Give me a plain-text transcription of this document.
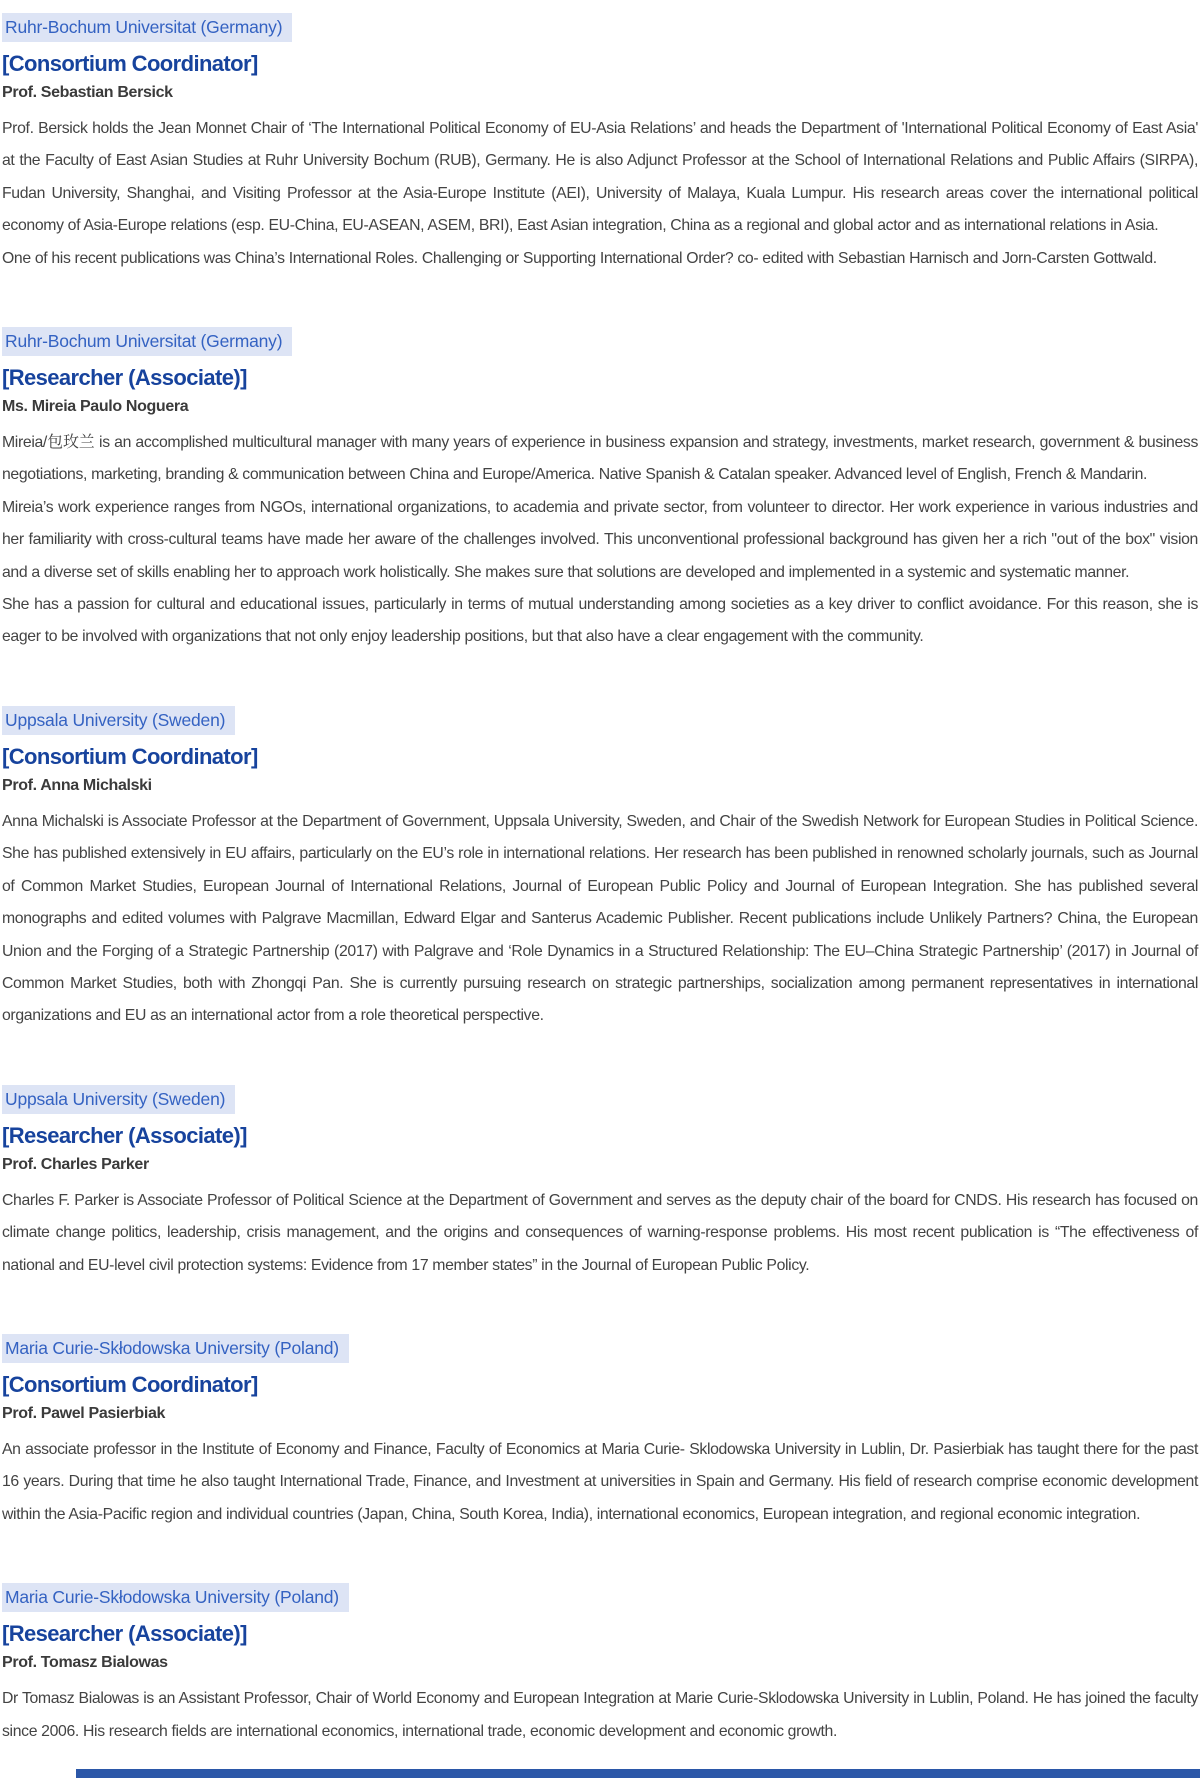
Ruhr-Bochum Universitat (Germany)
[Consortium Coordinator]
Prof. Sebastian Bersick

Prof. Bersick holds the Jean Monnet Chair of ‘The International Political Economy of EU-Asia Relations’ and heads the Department of 'International Political Economy of East Asia' at the Faculty of East Asian Studies at Ruhr University Bochum (RUB), Germany. He is also Adjunct Professor at the School of International Relations and Public Affairs (SIRPA), Fudan University, Shanghai, and Visiting Professor at the Asia-Europe Institute (AEI), University of Malaya, Kuala Lumpur. His research areas cover the international political economy of Asia-Europe relations (esp. EU-China, EU-ASEAN, ASEM, BRI), East Asian integration, China as a regional and global actor and as international relations in Asia.

One of his recent publications was China’s International Roles. Challenging or Supporting International Order? co- edited with Sebastian Harnisch and Jorn-Carsten Gottwald.

Ruhr-Bochum Universitat (Germany)
[Researcher (Associate)]
Ms. Mireia Paulo Noguera

Mireia/包玫兰 is an accomplished multicultural manager with many years of experience in business expansion and strategy, investments, market research, government & business negotiations, marketing, branding & communication between China and Europe/America. Native Spanish & Catalan speaker. Advanced level of English, French & Mandarin.

Mireia’s work experience ranges from NGOs, international organizations, to academia and private sector, from volunteer to director. Her work experience in various industries and her familiarity with cross-cultural teams have made her aware of the challenges involved. This unconventional professional background has given her a rich "out of the box" vision and a diverse set of skills enabling her to approach work holistically. She makes sure that solutions are developed and implemented in a systemic and systematic manner.

She has a passion for cultural and educational issues, particularly in terms of mutual understanding among societies as a key driver to conflict avoidance. For this reason, she is eager to be involved with organizations that not only enjoy leadership positions, but that also have a clear engagement with the community.

Uppsala University (Sweden)
[Consortium Coordinator]
Prof. Anna Michalski

Anna Michalski is Associate Professor at the Department of Government, Uppsala University, Sweden, and Chair of the Swedish Network for European Studies in Political Science. She has published extensively in EU affairs, particularly on the EU’s role in international relations. Her research has been published in renowned scholarly journals, such as Journal of Common Market Studies, European Journal of International Relations, Journal of European Public Policy and Journal of European Integration. She has published several monographs and edited volumes with Palgrave Macmillan, Edward Elgar and Santerus Academic Publisher. Recent publications include Unlikely Partners? China, the European Union and the Forging of a Strategic Partnership (2017) with Palgrave and ‘Role Dynamics in a Structured Relationship: The EU–China Strategic Partnership’ (2017) in Journal of Common Market Studies, both with Zhongqi Pan. She is currently pursuing research on strategic partnerships, socialization among permanent representatives in international organizations and EU as an international actor from a role theoretical perspective.

Uppsala University (Sweden)
[Researcher (Associate)]
Prof. Charles Parker

Charles F. Parker is Associate Professor of Political Science at the Department of Government and serves as the deputy chair of the board for CNDS. His research has focused on climate change politics, leadership, crisis management, and the origins and consequences of warning-response problems. His most recent publication is “The effectiveness of national and EU-level civil protection systems: Evidence from 17 member states” in the Journal of European Public Policy.

Maria Curie-Skłodowska University (Poland)
[Consortium Coordinator]
Prof. Pawel Pasierbiak

An associate professor in the Institute of Economy and Finance, Faculty of Economics at Maria Curie- Sklodowska University in Lublin, Dr. Pasierbiak has taught there for the past 16 years. During that time he also taught International Trade, Finance, and Investment at universities in Spain and Germany. His field of research comprise economic development within the Asia-Pacific region and individual countries (Japan, China, South Korea, India), international economics, European integration, and regional economic integration.

Maria Curie-Skłodowska University (Poland)
[Researcher (Associate)]
Prof. Tomasz Bialowas

Dr Tomasz Bialowas is an Assistant Professor, Chair of World Economy and European Integration at Marie Curie-Sklodowska University in Lublin, Poland. He has joined the faculty since 2006. His research fields are international economics, international trade, economic development and economic growth.
